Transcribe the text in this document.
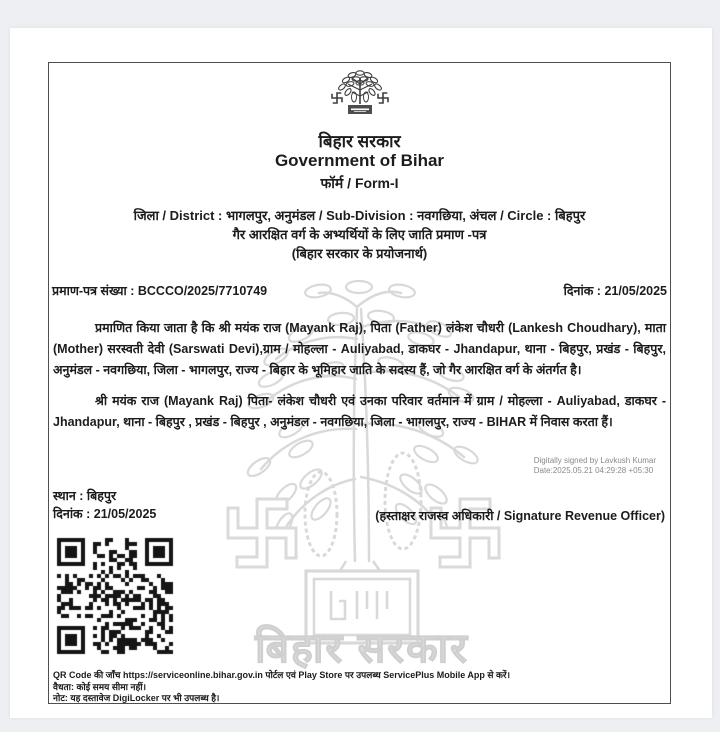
बिहार सरकार
बिहार सरकार
Government of Bihar
फॉर्म / Form-I
जिला / District : भागलपुर, अनुमंडल / Sub-Division : नवगछिया, अंचल / Circle : बिहपुर
गैर आरक्षित वर्ग के अभ्यर्थियों के लिए जाति प्रमाण -पत्र
(बिहार सरकार के प्रयोजनार्थ)
प्रमाण-पत्र संख्या : BCCCO/2025/7710749	दिनांक : 21/05/2025
प्रमाणित किया जाता है कि श्री मयंक राज (Mayank Raj), पिता (Father) लंकेश चौधरी (Lankesh Choudhary), माता (Mother) सरस्वती देवी (Sarswati Devi),ग्राम / मोहल्ला - Auliyabad, डाकघर - Jhandapur, थाना - बिहपुर, प्रखंड - बिहपुर, अनुमंडल - नवगछिया, जिला - भागलपुर, राज्य - बिहार के भूमिहार जाति के सदस्य हैं, जो गैर आरक्षित वर्ग के अंतर्गत है।
श्री मयंक राज (Mayank Raj) पिता- लंकेश चौधरी एवं उनका परिवार वर्तमान में ग्राम / मोहल्ला - Auliyabad, डाकघर - Jhandapur, थाना - बिहपुर , प्रखंड - बिहपुर , अनुमंडल - नवगछिया, जिला - भागलपुर, राज्य - BIHAR में निवास करता हैं।
Digitally signed by Lavkush Kumar
Date:2025.05.21 04:29:28 +05:30
स्थान : बिहपुर
दिनांक : 21/05/2025	(हस्ताक्षर राजस्व अधिकारी / Signature Revenue Officer)
QR Code की जाँच https://serviceonline.bihar.gov.in पोर्टल एवं Play Store पर उपलब्ध ServicePlus Mobile App से करें।
वैधता: कोई समय सीमा नहीं।
नोट: यह दस्तावेज DigiLocker पर भी उपलब्ध है।
